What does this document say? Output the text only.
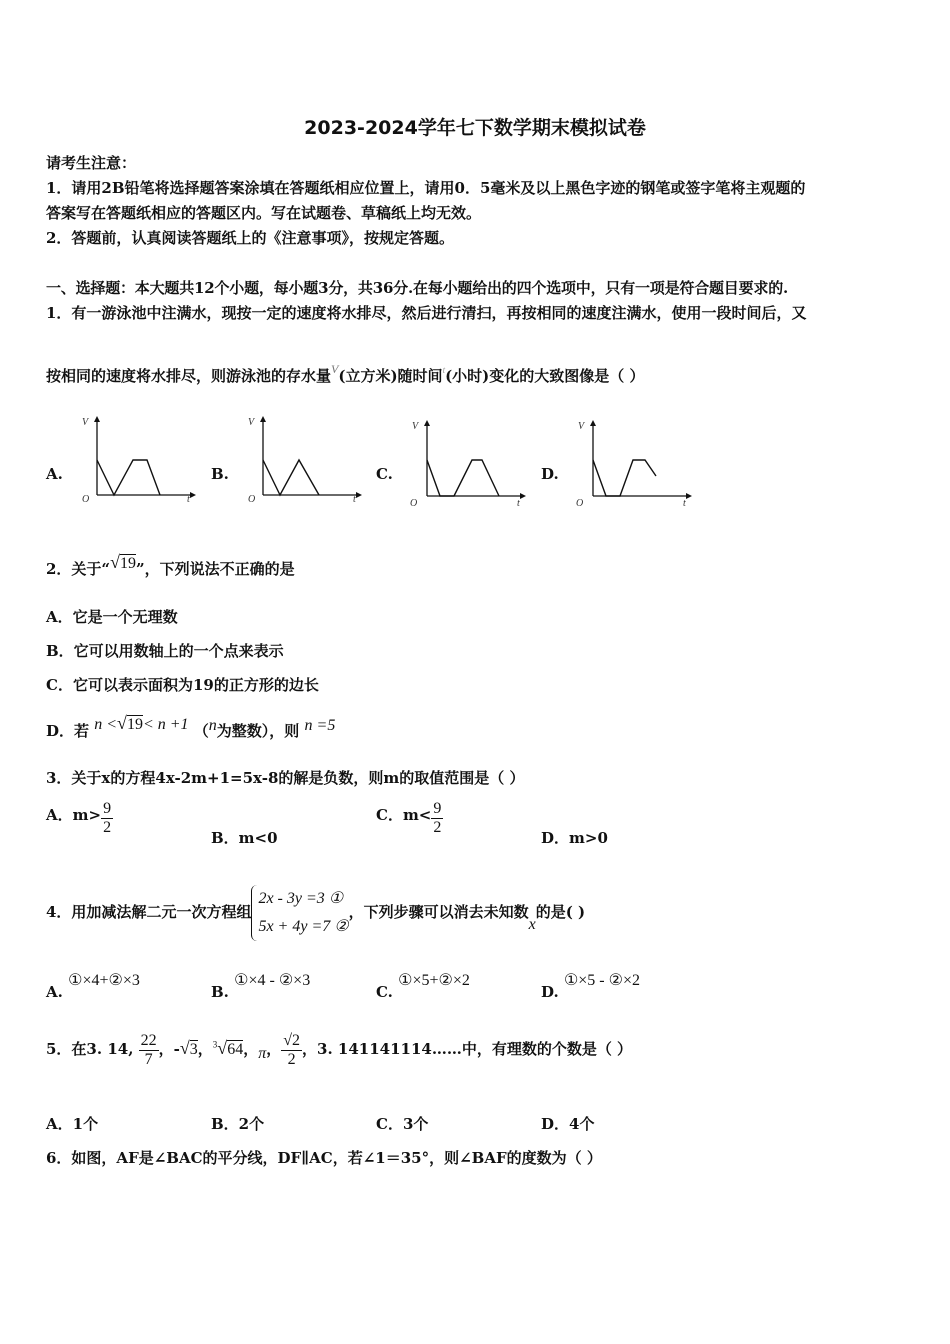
2023-2024学年七下数学期末模拟试卷
请考生注意：
1．请用2B铅笔将选择题答案涂填在答题纸相应位置上，请用0．5毫米及以上黑色字迹的钢笔或签字笔将主观题的
答案写在答题纸相应的答题区内。写在试题卷、草稿纸上均无效。
2．答题前，认真阅读答题纸上的《注意事项》，按规定答题。
一、选择题：本大题共12个小题，每小题3分，共36分.在每小题给出的四个选项中，只有一项是符合题目要求的.
1．有一游泳池中注满水，现按一定的速度将水排尽，然后进行清扫，再按相同的速度注满水，使用一段时间后，又
按相同的速度将水排尽，则游泳池的存水量$^V$(立方米)随时间$^t$(小时)变化的大致图像是（ ）
A.	B.	C.	D.
V
O	t
V
O	t
V
O	t
V
O	t
2．关于“√19”，下列说法不正确的是
A．它是一个无理数
B．它可以用数轴上的一个点来表示
C．它可以表示面积为19的正方形的边长
D．若 n <√19< n +1 （n为整数），则 n =5
3．关于x的方程4x-2m+1=5x-8的解是负数，则m的取值范围是（ ）
A．$m> \frac{9}{2}$
B．m<0
C．$m< \frac{9}{2}$
D．m>0
4．用加减法解二元一次方程组
2x - 3y =3 ①
5x + 4y =7 ②
，下列步骤可以消去未知数x的是( )
A. ①×4+②×3
B. ①×4 - ②×3
C. ①×5+②×2
D. ①×5 - ②×2
5．在3. 14, $\frac{22}{7}$ ，-√3，$^3$√64，π， $\frac{√2}{2}$ ，3. 141141114……中，有理数的个数是（ ）
A．1个	B．2个	C．3个	D．4个
6．如图，AF是∠BAC的平分线，DF∥AC，若∠1＝35°，则∠BAF的度数为（ ）
